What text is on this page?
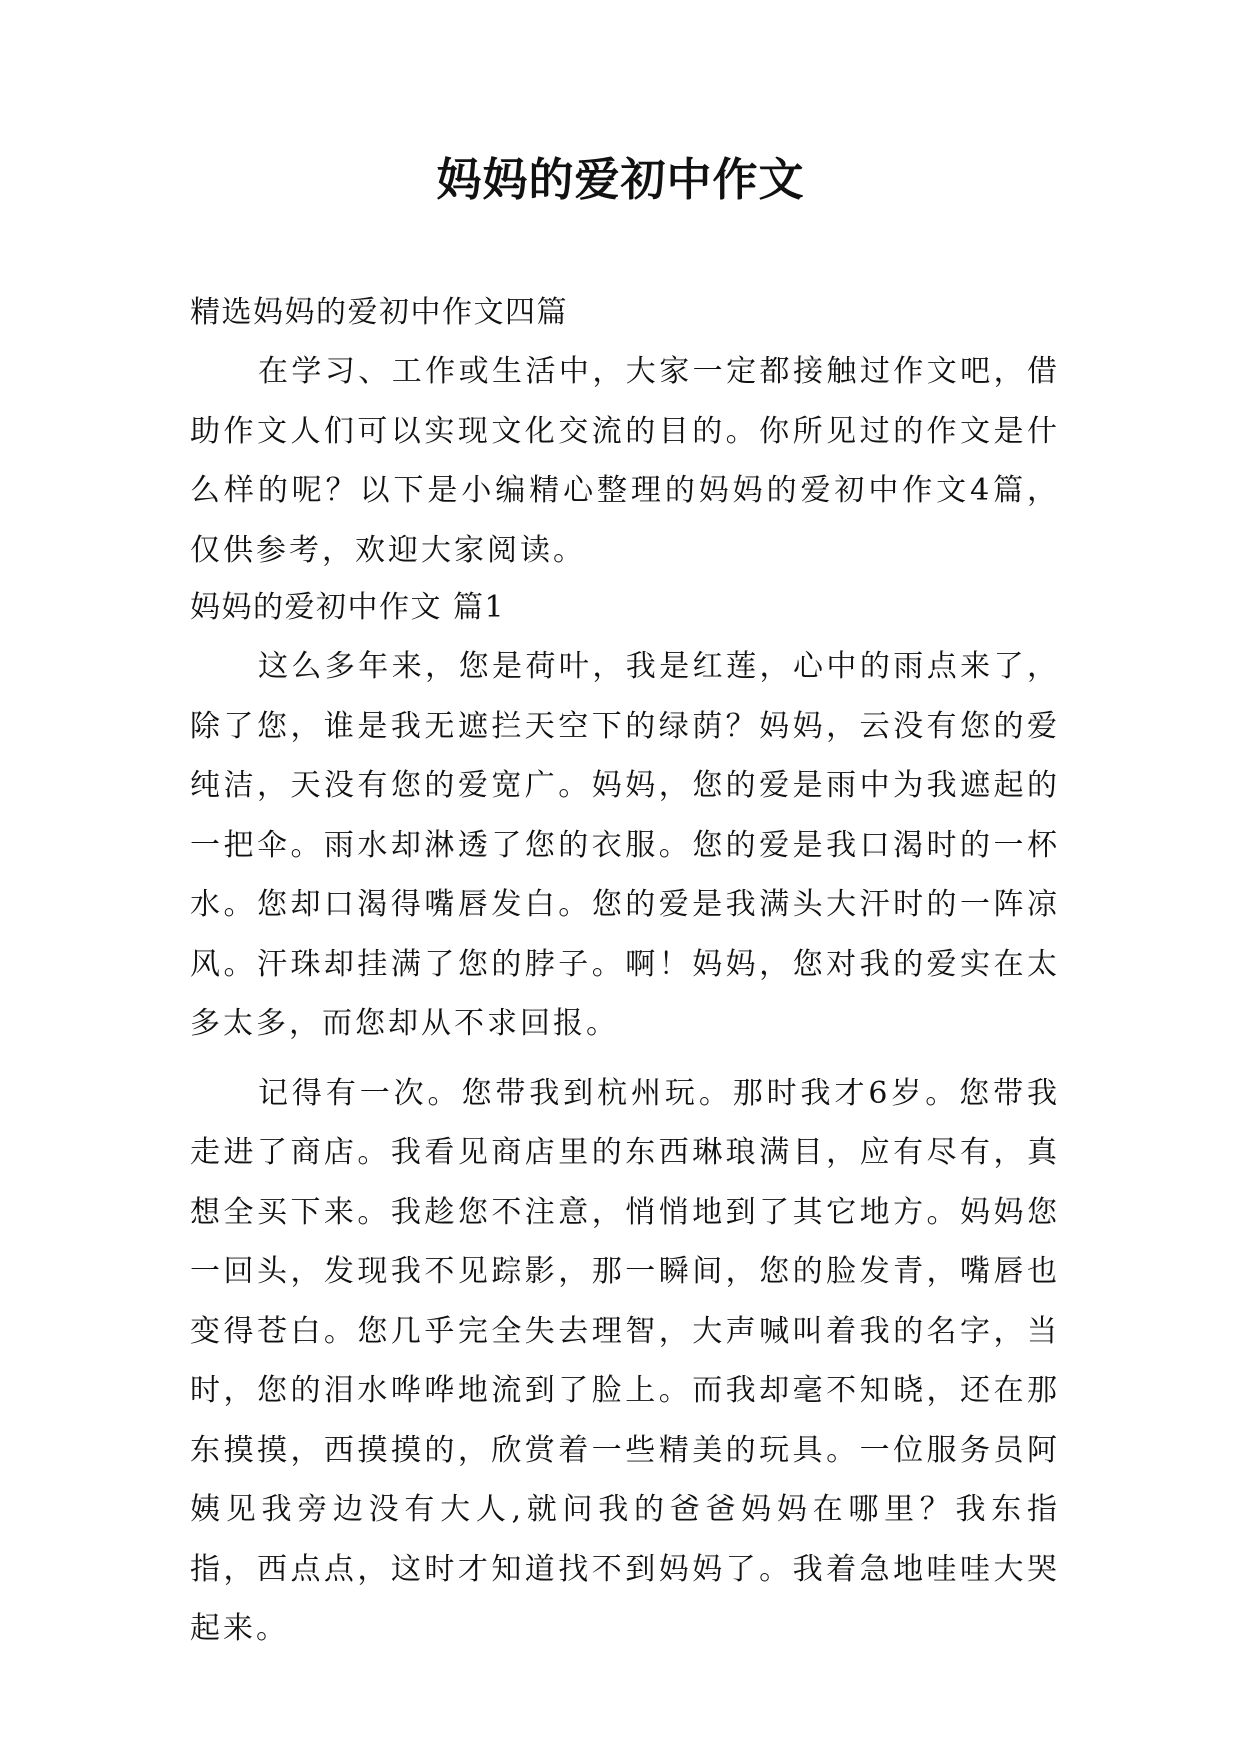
妈妈的爱初中作文
精选妈妈的爱初中作文四篇

在学习、工作或生活中，大家一定都接触过作文吧，借助作文人们可以实现文化交流的目的。你所见过的作文是什么样的呢？以下是小编精心整理的妈妈的爱初中作文4篇，仅供参考，欢迎大家阅读。

妈妈的爱初中作文 篇1

这么多年来，您是荷叶，我是红莲，心中的雨点来了，除了您，谁是我无遮拦天空下的绿荫？妈妈，云没有您的爱纯洁，天没有您的爱宽广。妈妈，您的爱是雨中为我遮起的一把伞。雨水却淋透了您的衣服。您的爱是我口渴时的一杯水。您却口渴得嘴唇发白。您的爱是我满头大汗时的一阵凉风。汗珠却挂满了您的脖子。啊！妈妈，您对我的爱实在太多太多，而您却从不求回报。

记得有一次。您带我到杭州玩。那时我才6岁。您带我走进了商店。我看见商店里的东西琳琅满目，应有尽有，真想全买下来。我趁您不注意，悄悄地到了其它地方。妈妈您一回头，发现我不见踪影，那一瞬间，您的脸发青，嘴唇也变得苍白。您几乎完全失去理智，大声喊叫着我的名字，当时，您的泪水哗哗地流到了脸上。而我却毫不知晓，还在那东摸摸，西摸摸的，欣赏着一些精美的玩具。一位服务员阿姨见我旁边没有大人,就问我的爸爸妈妈在哪里？我东指指，西点点，这时才知道找不到妈妈了。我着急地哇哇大哭起来。
